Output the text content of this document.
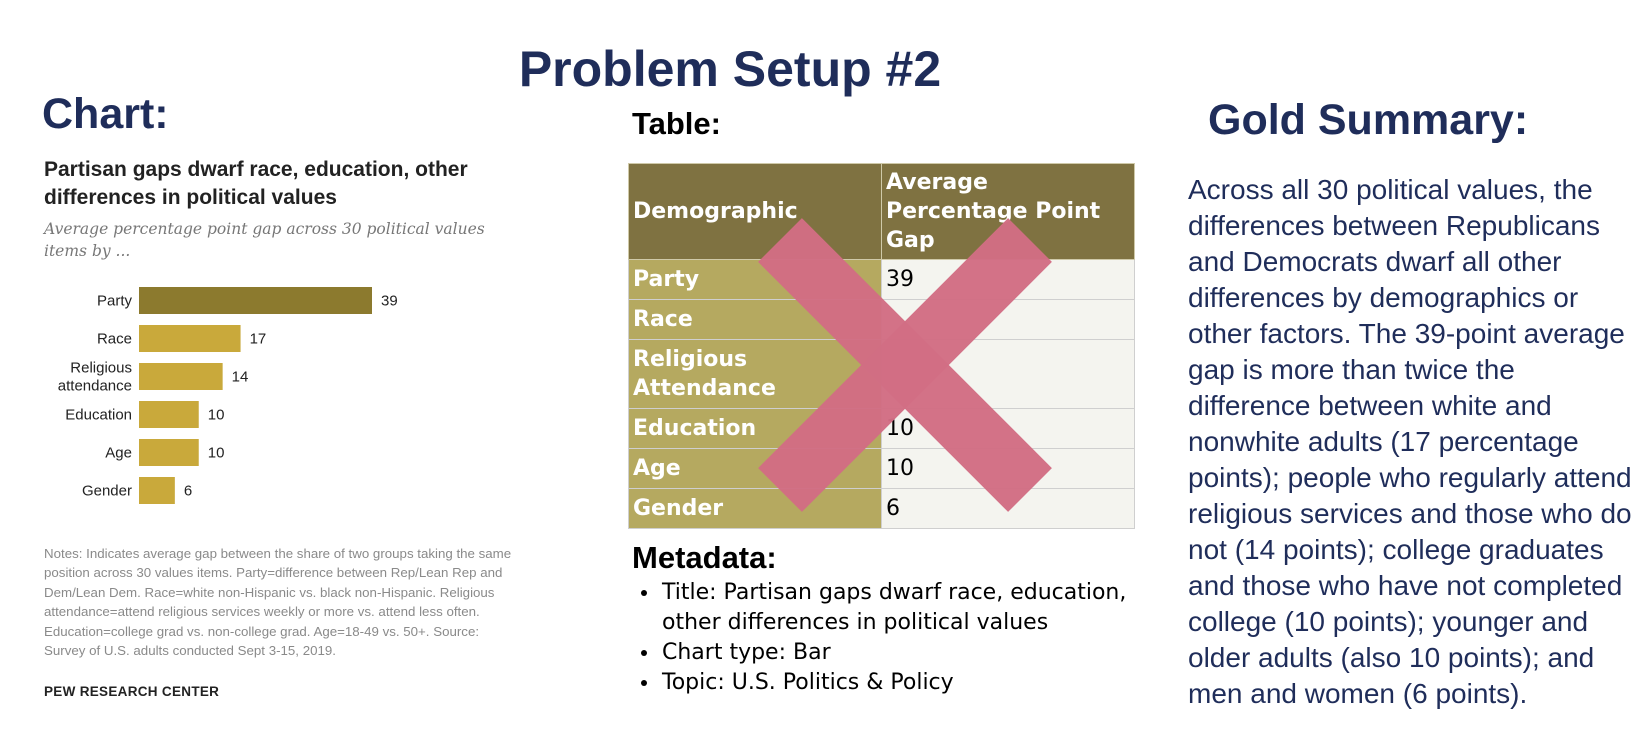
Problem Setup #2
Chart:
Partisan gaps dwarf race, education, other differences in political values
Average percentage point gap across 30 political values items by ...
39
Party
17
Race
14
Religious attendance
10
Education
10
Age
6
Gender
Notes: Indicates average gap between the share of two groups taking the same position across 30 values items. Party=difference between Rep/Lean Rep and Dem/Lean Dem. Race=white non-Hispanic vs. black non-Hispanic. Religious attendance=attend religious services weekly or more vs. attend less often. Education=college grad vs. non-college grad. Age=18-49 vs. 50+. Source: Survey of U.S. adults conducted Sept 3-15, 2019.
PEW RESEARCH CENTER
Table:
Demographic	Average Percentage Point Gap
Party	39
Race	
Religious Attendance	
Education	10
Age	10
Gender	6
Metadata:
• Title: Partisan gaps dwarf race, education, other differences in political values
• Chart type: Bar
• Topic: U.S. Politics & Policy
Gold Summary:

Across all 30 political values, the differences between Republicans and Democrats dwarf all other differences by demographics or other factors. The 39-point average gap is more than twice the difference between white and nonwhite adults (17 percentage points); people who regularly attend religious services and those who do not (14 points); college graduates and those who have not completed college (10 points); younger and older adults (also 10 points); and men and women (6 points).
